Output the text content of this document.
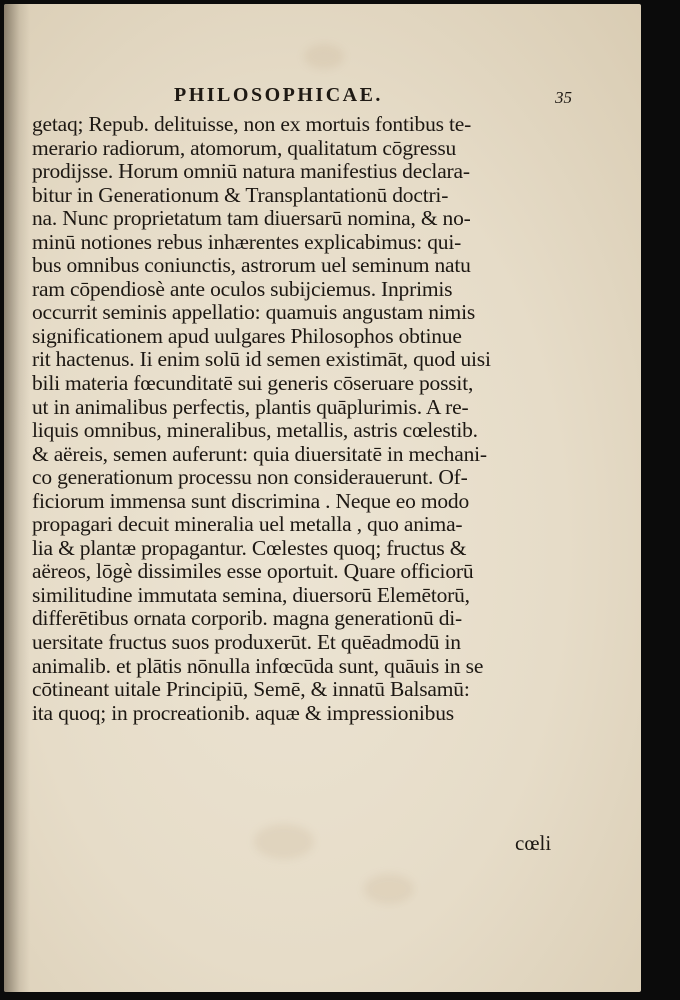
PHILOSOPHICAE.	35
getaq; Repub. delituisse, non ex mortuis fontibus te-
merario radiorum, atomorum, qualitatum cōgressu
prodijsse. Horum omniū natura manifestius declara-
bitur in Generationum & Transplantationū doctri-
na. Nunc proprietatum tam diuersarū nomina, & no-
minū notiones rebus inhærentes explicabimus: qui-
bus omnibus coniunctis, astrorum uel seminum natu
ram cōpendiosè ante oculos subijciemus. Inprimis
occurrit seminis appellatio: quamuis angustam nimis
significationem apud uulgares Philosophos obtinue
rit hactenus. Ii enim solū id semen existimāt, quod uisi
bili materia fœcunditatē sui generis cōseruare possit,
ut in animalibus perfectis, plantis quāplurimis. A re-
liquis omnibus, mineralibus, metallis, astris cœlestib.
& aëreis, semen auferunt: quia diuersitatē in mechani-
co generationum processu non considerauerunt. Of-
ficiorum immensa sunt discrimina . Neque eo modo
propagari decuit mineralia uel metalla , quo anima-
lia & plantæ propagantur. Cœlestes quoq; fructus &
aëreos, lōgè dissimiles esse oportuit. Quare officiorū
similitudine immutata semina, diuersorū Elemētorū,
differētibus ornata corporib. magna generationū di-
uersitate fructus suos produxerūt. Et quēadmodū in
animalib. et plātis nōnulla infœcūda sunt, quāuis in se
cōtineant uitale Principiū, Semē, & innatū Balsamū:
ita quoq; in procreationib. aquæ & impressionibus
cœli
